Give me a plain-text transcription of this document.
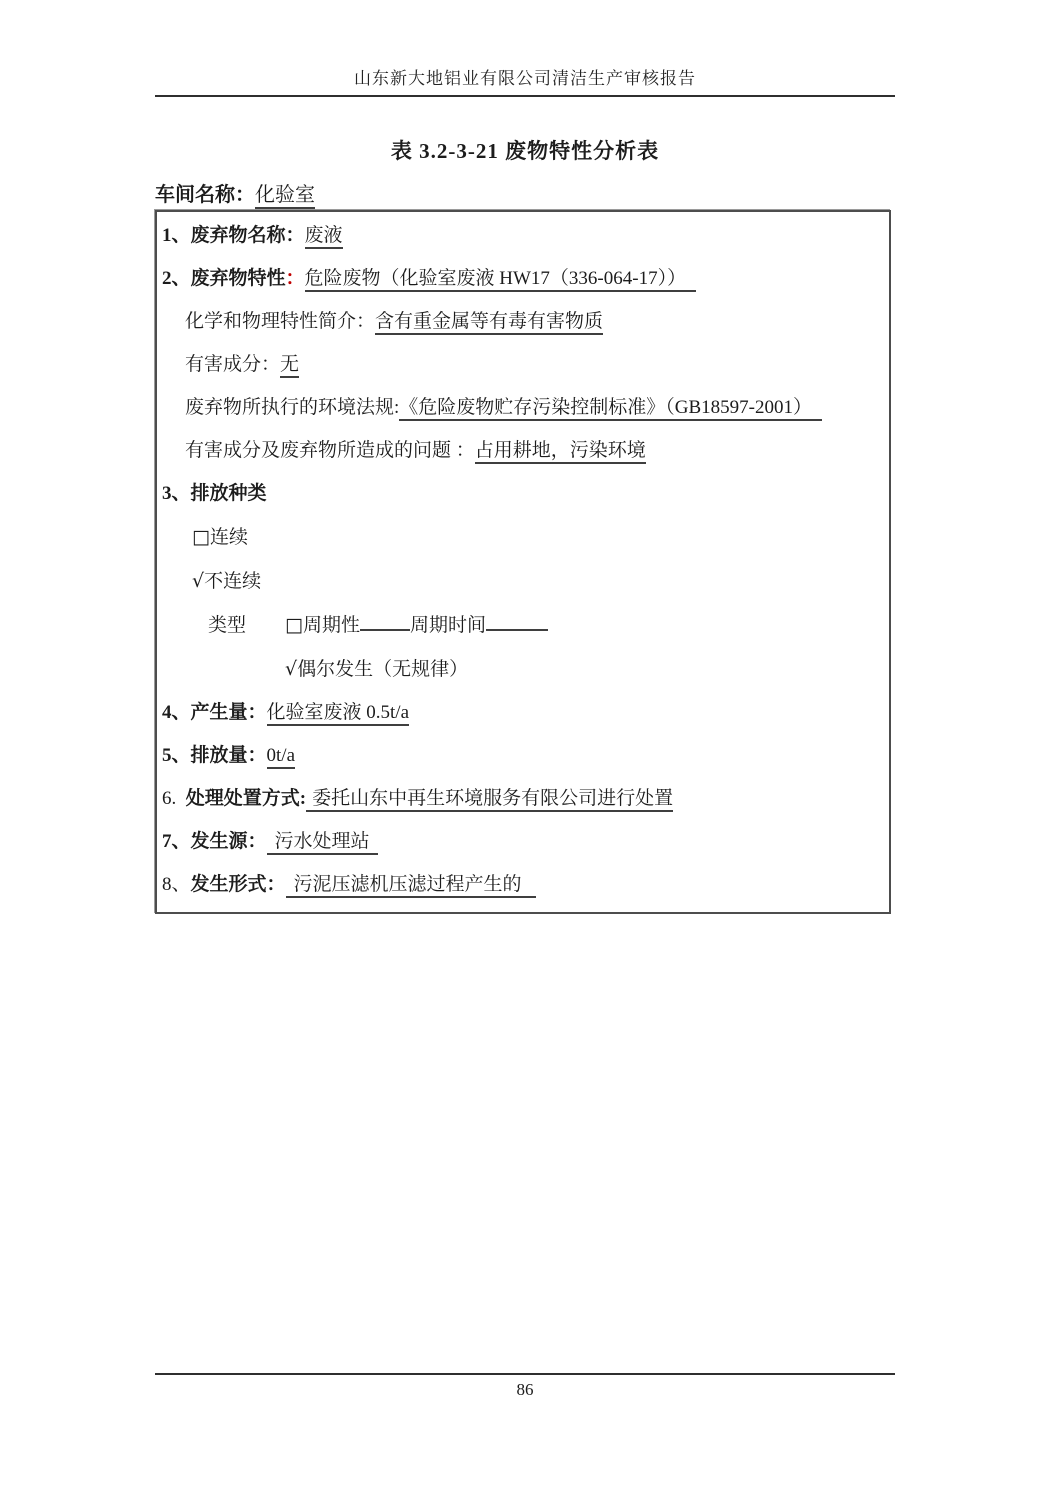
山东新大地铝业有限公司清洁生产审核报告
表 3.2-3-21 废物特性分析表
车间名称：化验室
1、废弃物名称：废液
2、废弃物特性：危险废物（化验室废液 HW17（336-064-17））
化学和物理特性简介：含有重金属等有毒有害物质
有害成分：无
废弃物所执行的环境法规:《危险废物贮存污染控制标准》（GB18597-2001）
有害成分及废弃物所造成的问题 ：占用耕地，污染环境
3、排放种类
□连续
√不连续
类型 □周期性	周期时间
√偶尔发生（无规律）
4、产生量：化验室废液 0.5t/a
5、排放量：0t/a
6. 处理处置方式: 委托山东中再生环境服务有限公司进行处置
7、发生源： 污水处理站
8、发生形式： 污泥压滤机压滤过程产生的
86
